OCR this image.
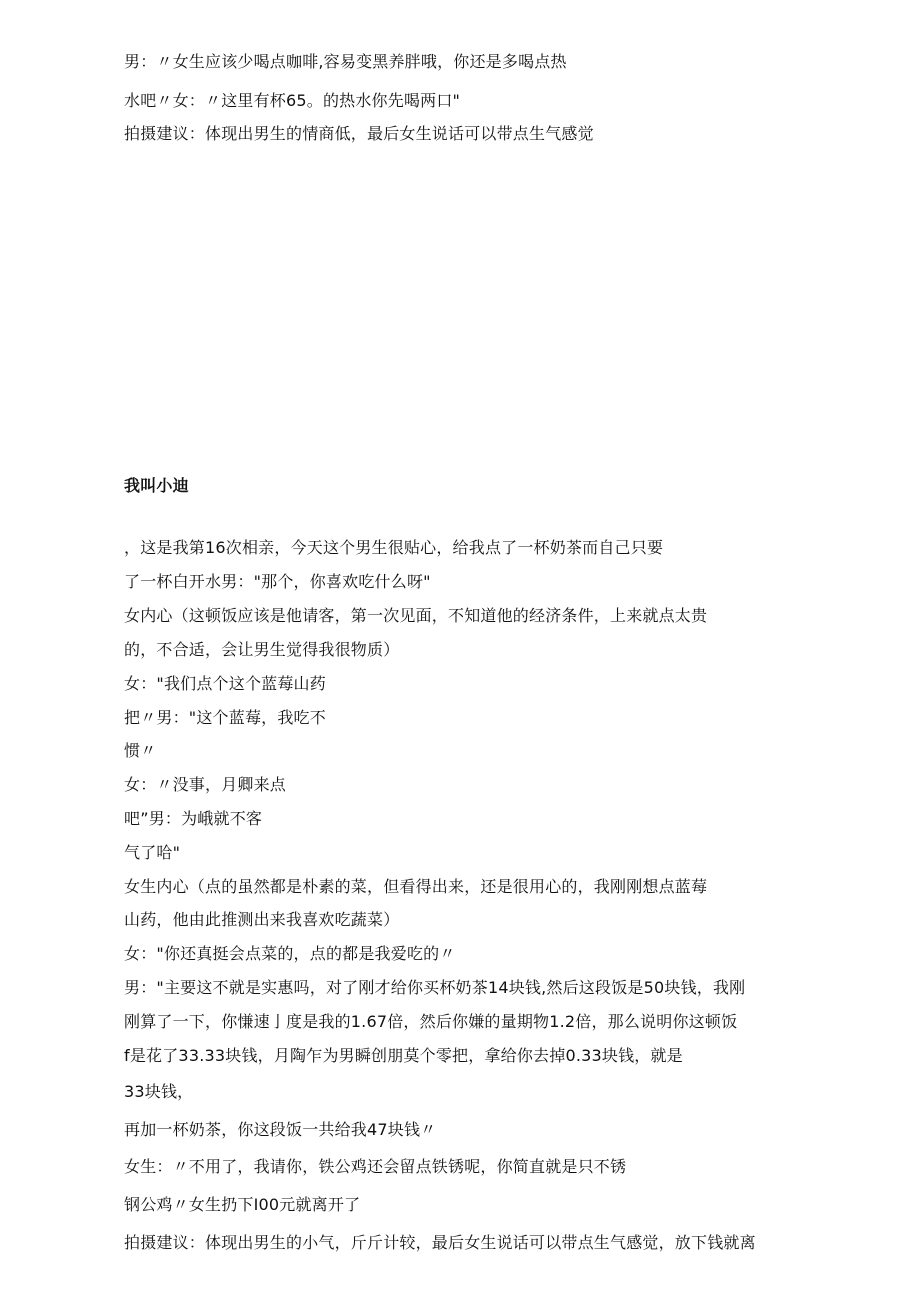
男：〃女生应该少喝点咖啡,容易变黑养胖哦，你还是多喝点热
水吧〃女：〃这里有杯65。的热水你先喝两口"
拍摄建议：体现出男生的情商低，最后女生说话可以带点生气感觉
我叫小迪
，这是我第16次相亲，今天这个男生很贴心，给我点了一杯奶茶而自己只要
了一杯白开水男："那个，你喜欢吃什么呀"
女内心（这顿饭应该是他请客，第一次见面，不知道他的经济条件，上来就点太贵
的，不合适，会让男生觉得我很物质）
女："我们点个这个蓝莓山药
把〃男："这个蓝莓，我吃不
惯〃
女：〃没事，月卿来点
吧”男：为峨就不客
气了哈"
女生内心（点的虽然都是朴素的菜，但看得出来，还是很用心的，我刚刚想点蓝莓
山药，他由此推测出来我喜欢吃蔬菜）
女："你还真挺会点菜的，点的都是我爱吃的〃
男："主要这不就是实惠吗，对了刚才给你买杯奶茶14块钱,然后这段饭是50块钱，我刚
刚算了一下，你慊速亅度是我的1.67倍，然后你嫌的量期物1.2倍，那么说明你这顿饭
f是花了33.33块钱，月陶乍为男瞬创朋莫个零把，拿给你去掉0.33块钱，就是
33块钱，
再加一杯奶茶，你这段饭一共给我47块钱〃
女生：〃不用了，我请你，铁公鸡还会留点铁锈呢，你简直就是只不锈
钢公鸡〃女生扔下I00元就离开了
拍摄建议：体现出男生的小气，斤斤计较，最后女生说话可以带点生气感觉，放下钱就离
